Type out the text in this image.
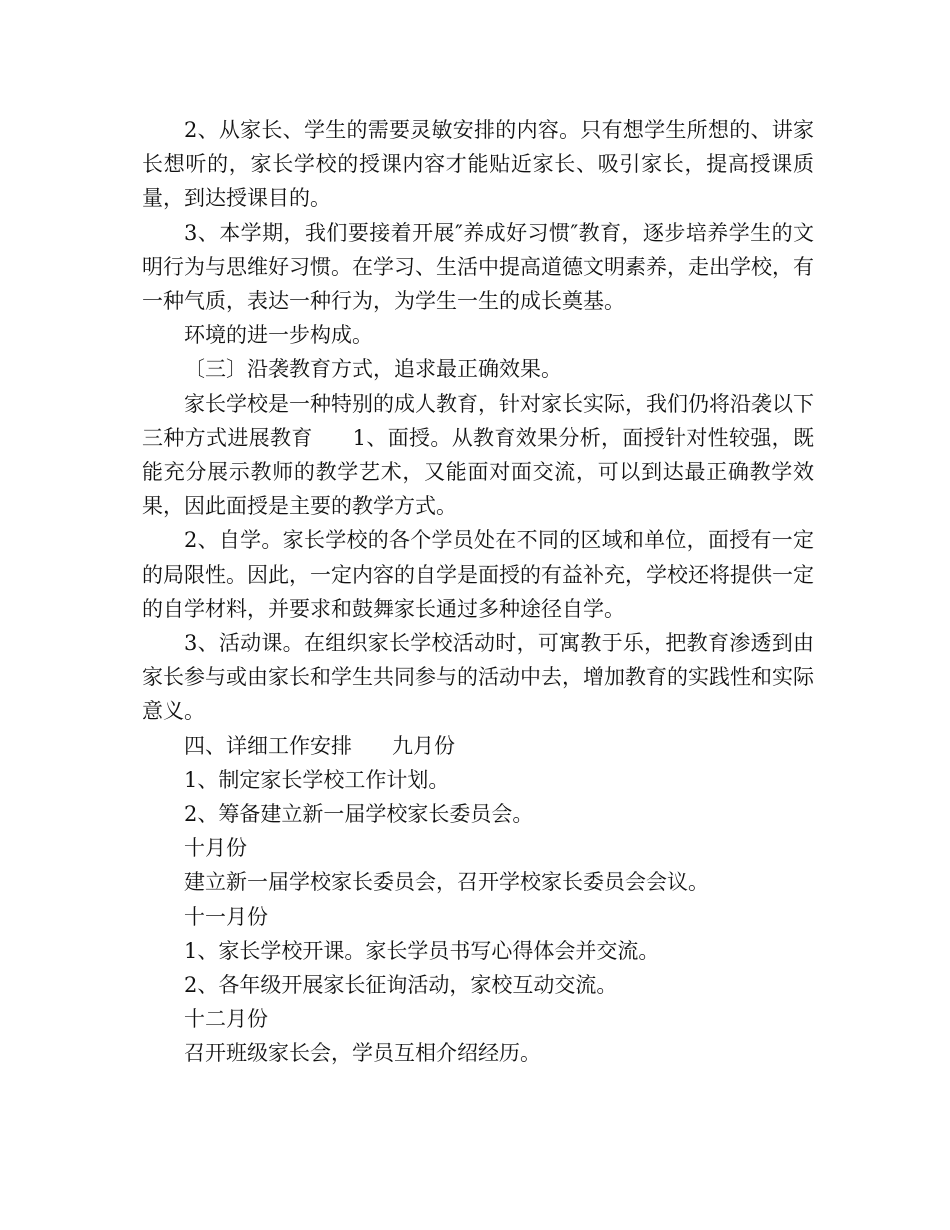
2、从家长、学生的需要灵敏安排的内容。只有想学生所想的、讲家长想听的，家长学校的授课内容才能贴近家长、吸引家长，提高授课质量，到达授课目的。

3、本学期，我们要接着开展″养成好习惯″教育，逐步培养学生的文明行为与思维好习惯。在学习、生活中提高道德文明素养，走出学校，有一种气质，表达一种行为，为学生一生的成长奠基。

环境的进一步构成。

〔三〕沿袭教育方式，追求最正确效果。

家长学校是一种特别的成人教育，针对家长实际，我们仍将沿袭以下三种方式进展教育 1、面授。从教育效果分析，面授针对性较强，既能充分展示教师的教学艺术，又能面对面交流，可以到达最正确教学效果，因此面授是主要的教学方式。

2、自学。家长学校的各个学员处在不同的区域和单位，面授有一定的局限性。因此，一定内容的自学是面授的有益补充，学校还将提供一定的自学材料，并要求和鼓舞家长通过多种途径自学。

3、活动课。在组织家长学校活动时，可寓教于乐，把教育渗透到由家长参与或由家长和学生共同参与的活动中去，增加教育的实践性和实际意义。

四、详细工作安排 九月份

1、制定家长学校工作计划。

2、筹备建立新一届学校家长委员会。

十月份

建立新一届学校家长委员会，召开学校家长委员会会议。

十一月份

1、家长学校开课。家长学员书写心得体会并交流。

2、各年级开展家长征询活动，家校互动交流。

十二月份

召开班级家长会，学员互相介绍经历。
